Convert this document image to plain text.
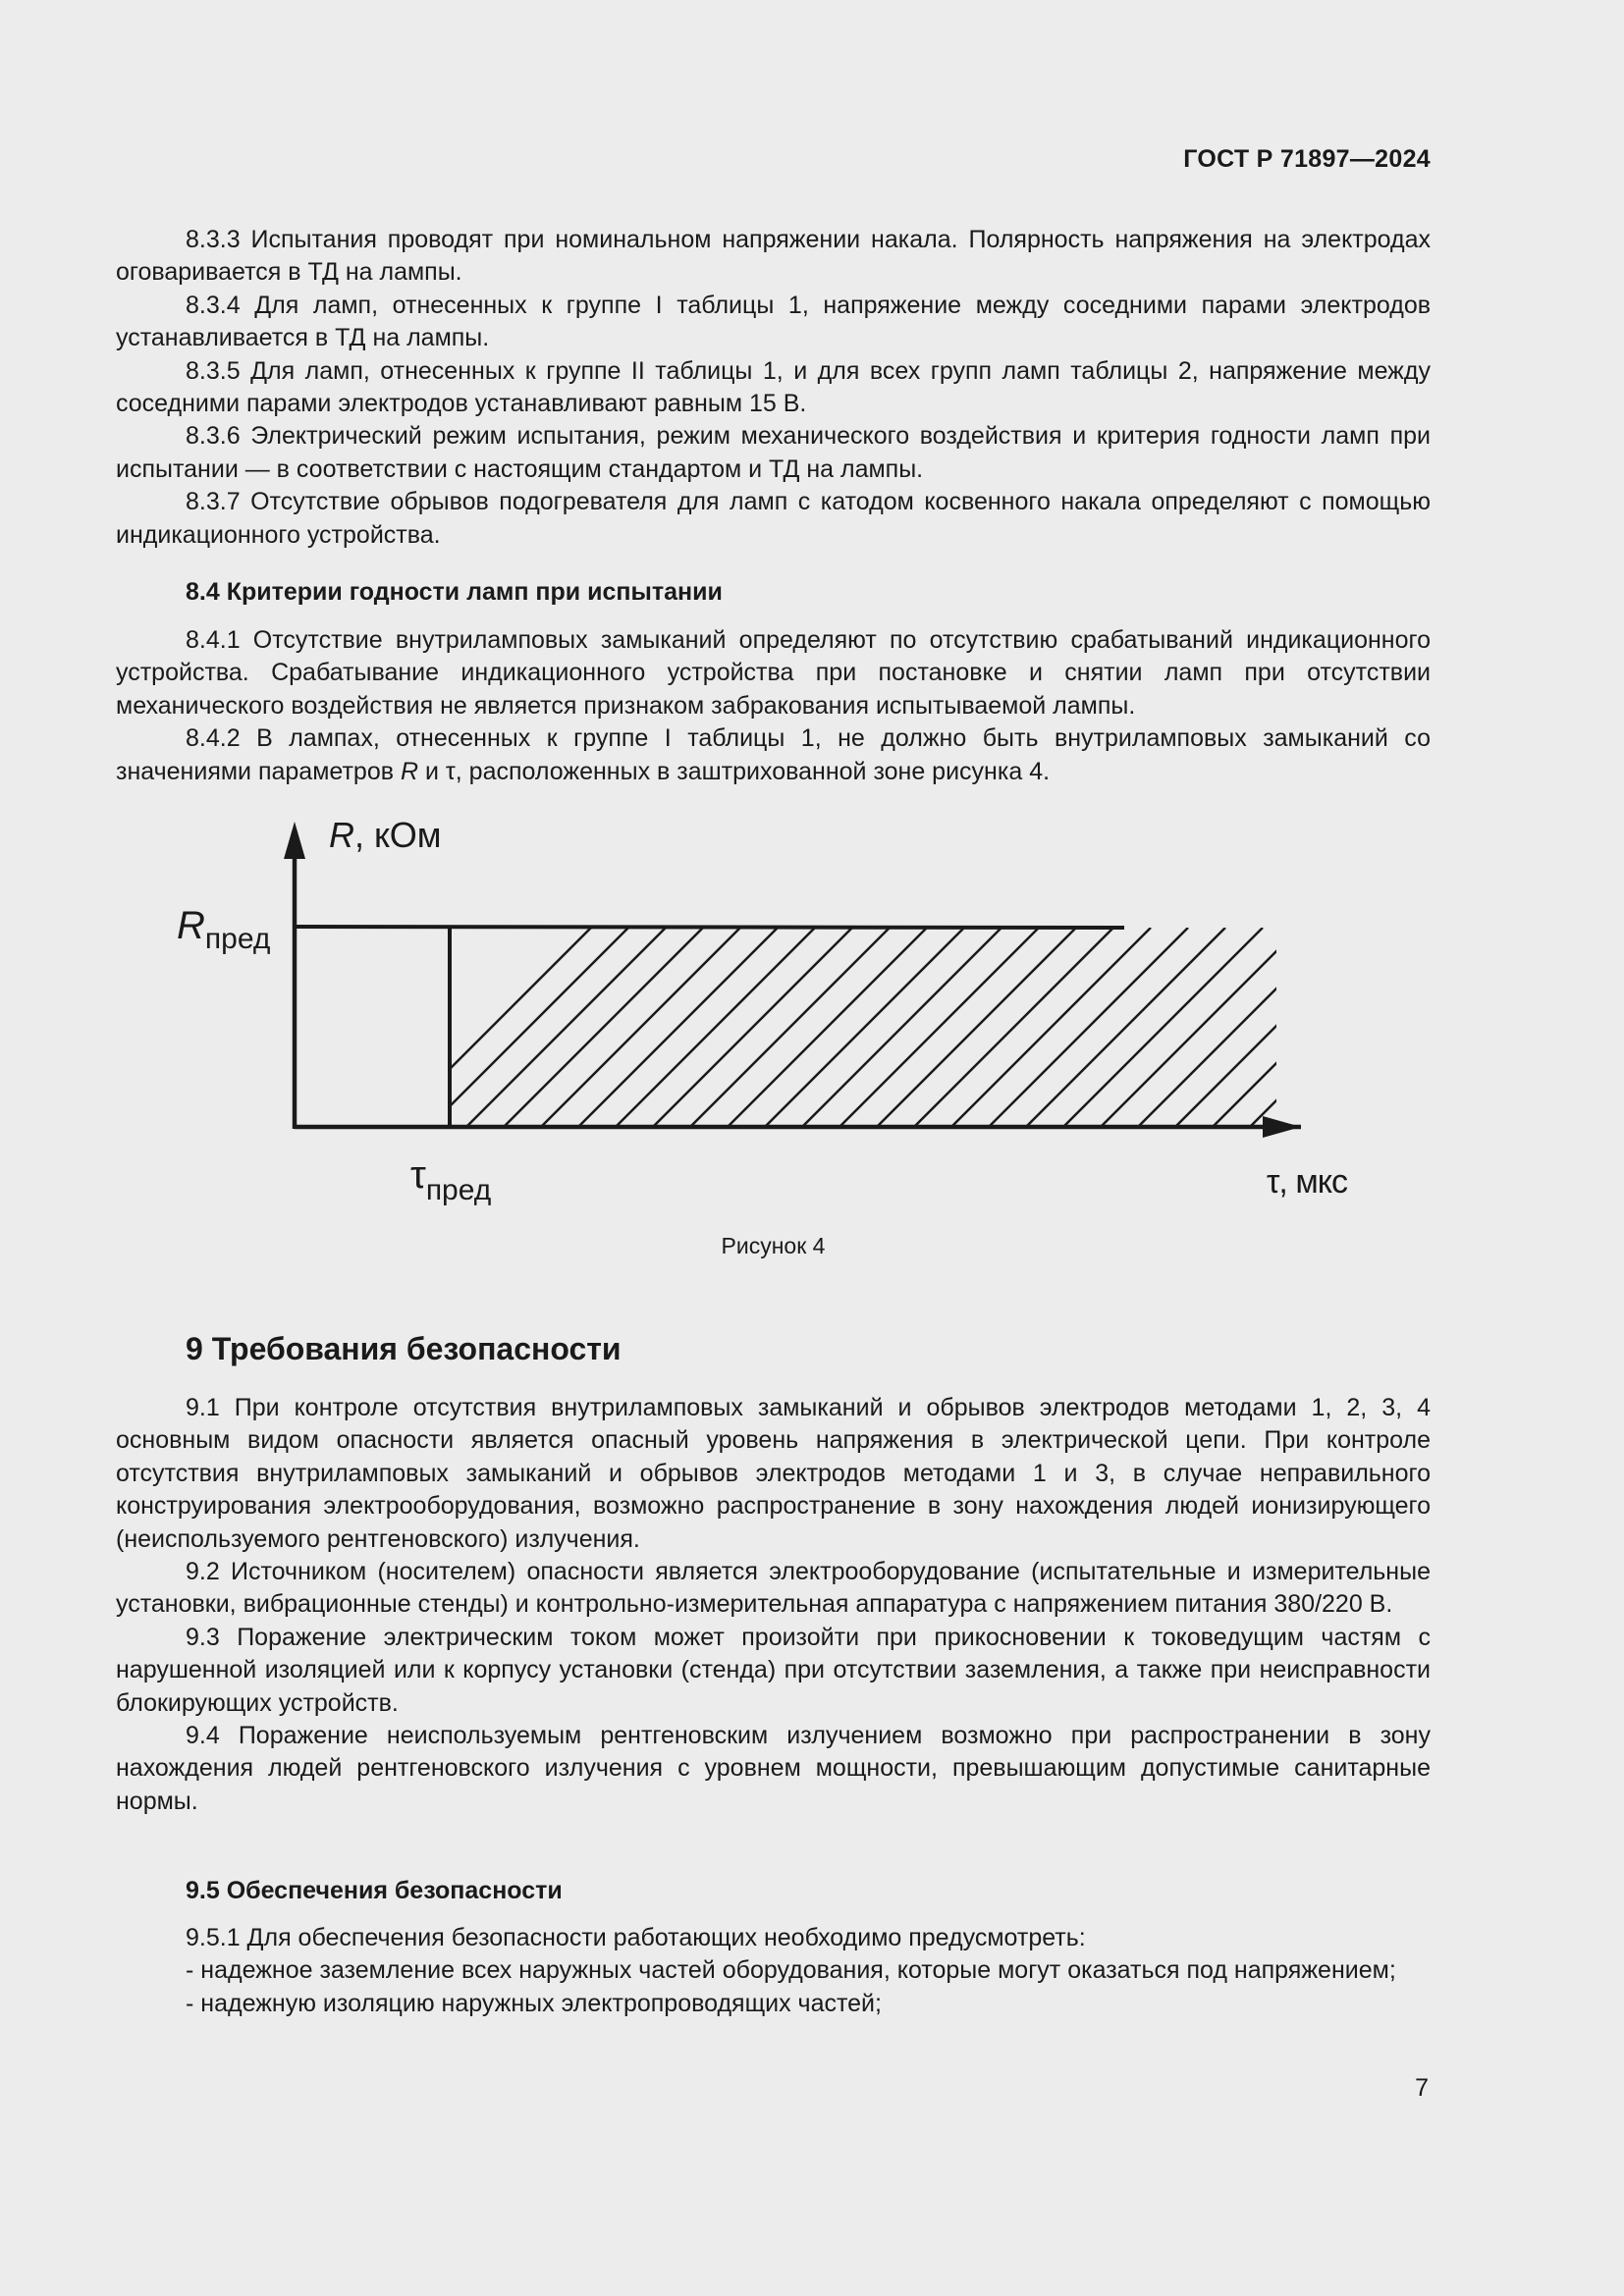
ГОСТ Р 71897—2024

8.3.3 Испытания проводят при номинальном напряжении накала. Полярность напряжения на электродах оговаривается в ТД на лампы.

8.3.4 Для ламп, отнесенных к группе I таблицы 1, напряжение между соседними парами электродов устанавливается в ТД на лампы.

8.3.5 Для ламп, отнесенных к группе II таблицы 1, и для всех групп ламп таблицы 2, напряжение между соседними парами электродов устанавливают равным 15 В.

8.3.6 Электрический режим испытания, режим механического воздействия и критерия годности ламп при испытании — в соответствии с настоящим стандартом и ТД на лампы.

8.3.7 Отсутствие обрывов подогревателя для ламп с катодом косвенного накала определяют с помощью индикационного устройства.

8.4 Критерии годности ламп при испытании

8.4.1 Отсутствие внутриламповых замыканий определяют по отсутствию срабатываний индикационного устройства. Срабатывание индикационного устройства при постановке и снятии ламп при отсутствии механического воздействия не является признаком забракования испытываемой лампы.

8.4.2 В лампах, отнесенных к группе I таблицы 1, не должно быть внутриламповых замыканий со значениями параметров R и τ, расположенных в заштрихованной зоне рисунка 4.

R, кОм
$R_{пред}$
$\tau_{пред}$	τ, мкс
Рисунок 4
9 Требования безопасности

9.1 При контроле отсутствия внутриламповых замыканий и обрывов электродов методами 1, 2, 3, 4 основным видом опасности является опасный уровень напряжения в электрической цепи. При контроле отсутствия внутриламповых замыканий и обрывов электродов методами 1 и 3, в случае неправильного конструирования электрооборудования, возможно распространение в зону нахождения людей ионизирующего (неиспользуемого рентгеновского) излучения.

9.2 Источником (носителем) опасности является электрооборудование (испытательные и измерительные установки, вибрационные стенды) и контрольно-измерительная аппаратура с напряжением питания 380/220 В.

9.3 Поражение электрическим током может произойти при прикосновении к токоведущим частям с нарушенной изоляцией или к корпусу установки (стенда) при отсутствии заземления, а также при неисправности блокирующих устройств.

9.4 Поражение неиспользуемым рентгеновским излучением возможно при распространении в зону нахождения людей рентгеновского излучения с уровнем мощности, превышающим допустимые санитарные нормы.

9.5 Обеспечения безопасности

9.5.1 Для обеспечения безопасности работающих необходимо предусмотреть:

- надежное заземление всех наружных частей оборудования, которые могут оказаться под напряжением;

- надежную изоляцию наружных электропроводящих частей;

7
